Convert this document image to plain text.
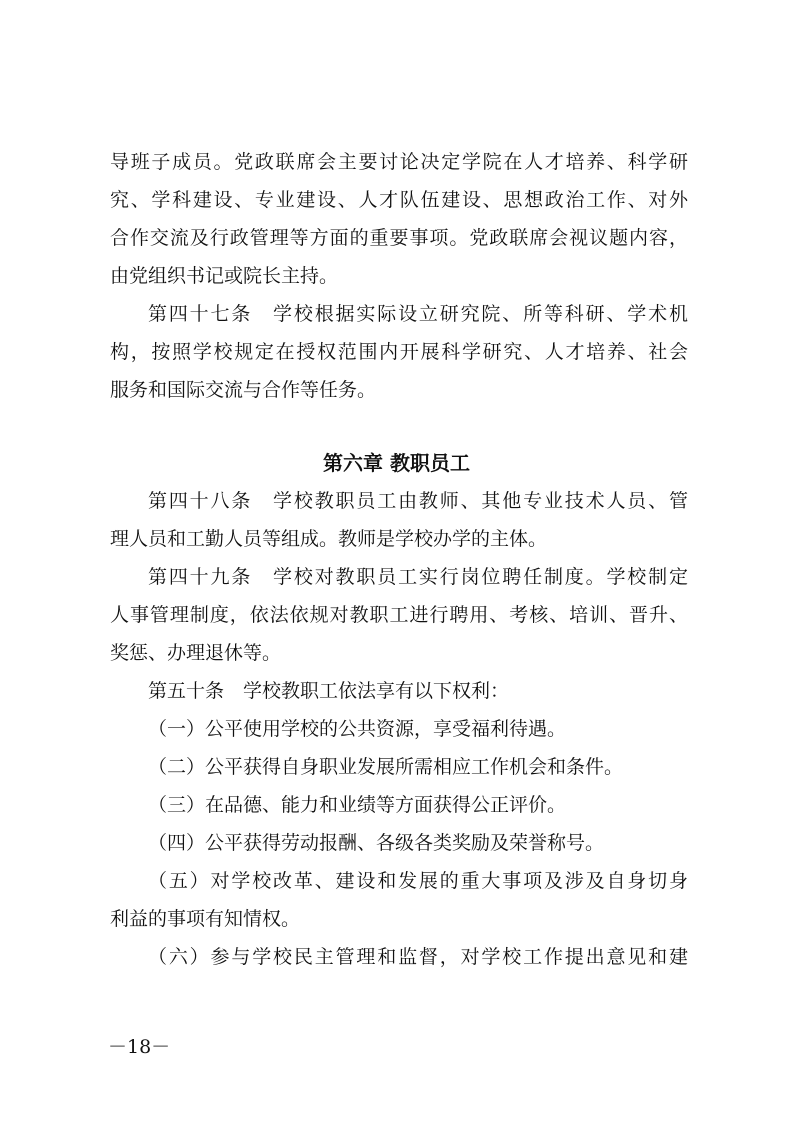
导班子成员。党政联席会主要讨论决定学院在人才培养、科学研
究、学科建设、专业建设、人才队伍建设、思想政治工作、对外
合作交流及行政管理等方面的重要事项。党政联席会视议题内容，
由党组织书记或院长主持。
第四十七条　学校根据实际设立研究院、所等科研、学术机
构，按照学校规定在授权范围内开展科学研究、人才培养、社会
服务和国际交流与合作等任务。
第六章 教职员工
第四十八条　学校教职员工由教师、其他专业技术人员、管
理人员和工勤人员等组成。教师是学校办学的主体。
第四十九条　学校对教职员工实行岗位聘任制度。学校制定
人事管理制度，依法依规对教职工进行聘用、考核、培训、晋升、
奖惩、办理退休等。
第五十条　学校教职工依法享有以下权利：
（一）公平使用学校的公共资源，享受福利待遇。
（二）公平获得自身职业发展所需相应工作机会和条件。
（三）在品德、能力和业绩等方面获得公正评价。
（四）公平获得劳动报酬、各级各类奖励及荣誉称号。
（五）对学校改革、建设和发展的重大事项及涉及自身切身
利益的事项有知情权。
（六）参与学校民主管理和监督，对学校工作提出意见和建
－18－
